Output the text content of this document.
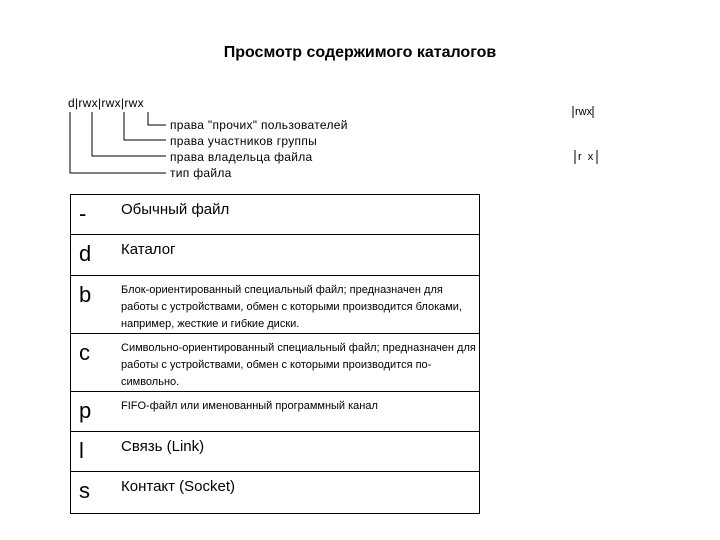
Просмотр содержимого каталогов
d|rwx|rwx|rwx
права "прочих" пользователей
права участников группы
права владельца файла
тип файла
rwx
r  x
-	Обычный файл
d	Каталог
b	Блок-ориентированный специальный файл; предназначен для работы с устройствами, обмен с которыми производится блоками, например, жесткие и гибкие диски.
c	Символьно-ориентированный специальный файл; предназначен для работы с устройствами, обмен с которыми производится по-символьно.
p	FIFO-файл или именованный программный канал
l	Связь (Link)
s	Контакт (Socket)
